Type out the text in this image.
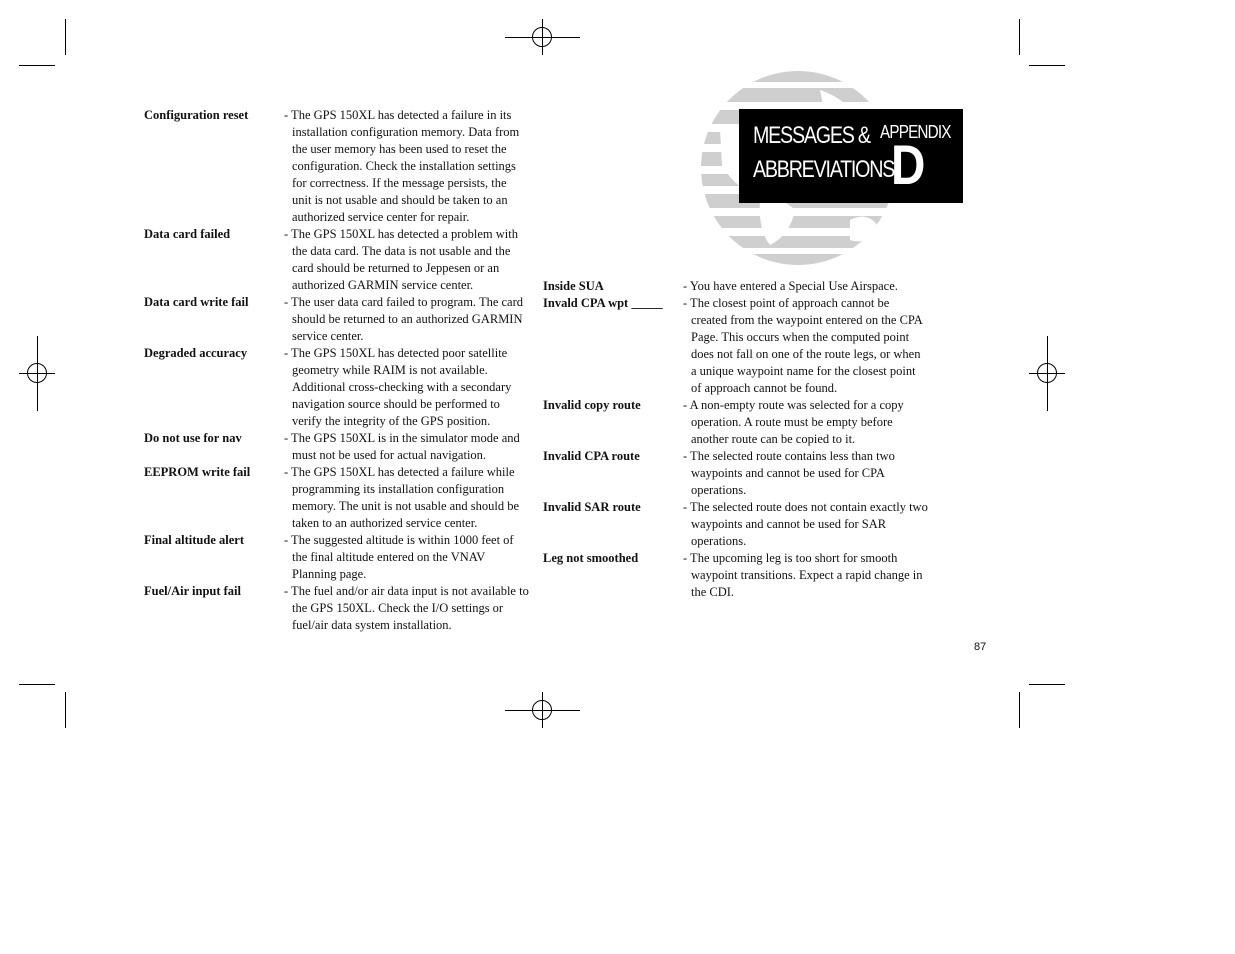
MESSAGES &
ABBREVIATIONS
APPENDIX
D
Configuration reset	- The GPS 150XL has detected a failure in its installation configuration memory. Data from the user memory has been used to reset the configuration. Check the installation settings for correctness. If the message persists, the unit is not usable and should be taken to an authorized service center for repair.
Data card failed	- The GPS 150XL has detected a problem with the data card. The data is not usable and the card should be returned to Jeppesen or an authorized GARMIN service center.
Data card write fail	- The user data card failed to program. The card should be returned to an authorized GARMIN service center.
Degraded accuracy	- The GPS 150XL has detected poor satellite geometry while RAIM is not available. Additional cross-checking with a secondary navigation source should be performed to verify the integrity of the GPS position.
Do not use for nav	- The GPS 150XL is in the simulator mode and must not be used for actual navigation.
EEPROM write fail	- The GPS 150XL has detected a failure while programming its installation configuration memory. The unit is not usable and should be taken to an authorized service center.
Final altitude alert	- The suggested altitude is within 1000 feet of the final altitude entered on the VNAV Planning page.
Fuel/Air input fail	- The fuel and/or air data input is not available to the GPS 150XL. Check the I/O settings or fuel/air data system installation.
Inside SUA	- You have entered a Special Use Airspace.
Invald CPA wpt _____ - The closest point of approach cannot be created from the waypoint entered on the CPA Page. This occurs when the computed point does not fall on one of the route legs, or when a unique waypoint name for the closest point of approach cannot be found.
Invalid copy route	- A non-empty route was selected for a copy operation. A route must be empty before another route can be copied to it.
Invalid CPA route	- The selected route contains less than two waypoints and cannot be used for CPA operations.
Invalid SAR route	- The selected route does not contain exactly two waypoints and cannot be used for SAR operations.
Leg not smoothed	- The upcoming leg is too short for smooth waypoint transitions. Expect a rapid change in the CDI.
87
